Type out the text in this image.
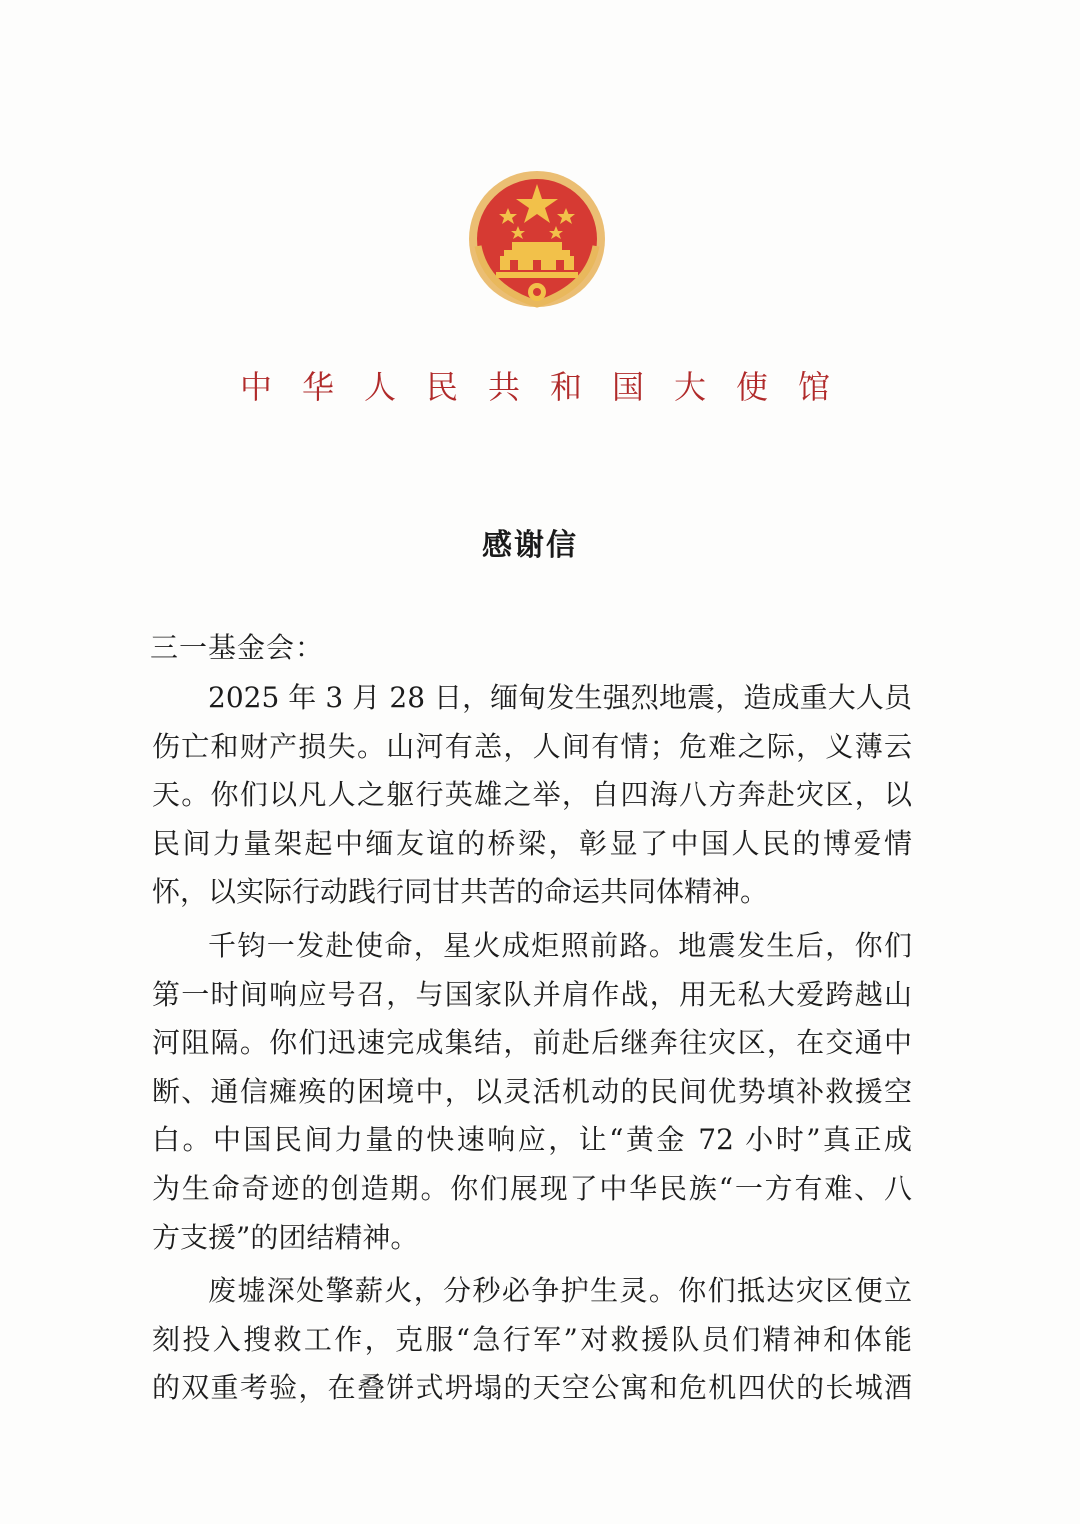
中华人民共和国大使馆
感谢信
三一基金会：
2025 年 3 月 28 日，缅甸发生强烈地震，造成重大人员
伤亡和财产损失。山河有恙，人间有情；危难之际，义薄云
天。你们以凡人之躯行英雄之举，自四海八方奔赴灾区，以
民间力量架起中缅友谊的桥梁，彰显了中国人民的博爱情
怀，以实际行动践行同甘共苦的命运共同体精神。
千钧一发赴使命，星火成炬照前路。地震发生后，你们
第一时间响应号召，与国家队并肩作战，用无私大爱跨越山
河阻隔。你们迅速完成集结，前赴后继奔往灾区，在交通中
断、通信瘫痪的困境中，以灵活机动的民间优势填补救援空
白。中国民间力量的快速响应，让“黄金 72 小时”真正成
为生命奇迹的创造期。你们展现了中华民族“一方有难、八
方支援”的团结精神。
废墟深处擎薪火，分秒必争护生灵。你们抵达灾区便立
刻投入搜救工作，克服“急行军”对救援队员们精神和体能
的双重考验，在叠饼式坍塌的天空公寓和危机四伏的长城酒
